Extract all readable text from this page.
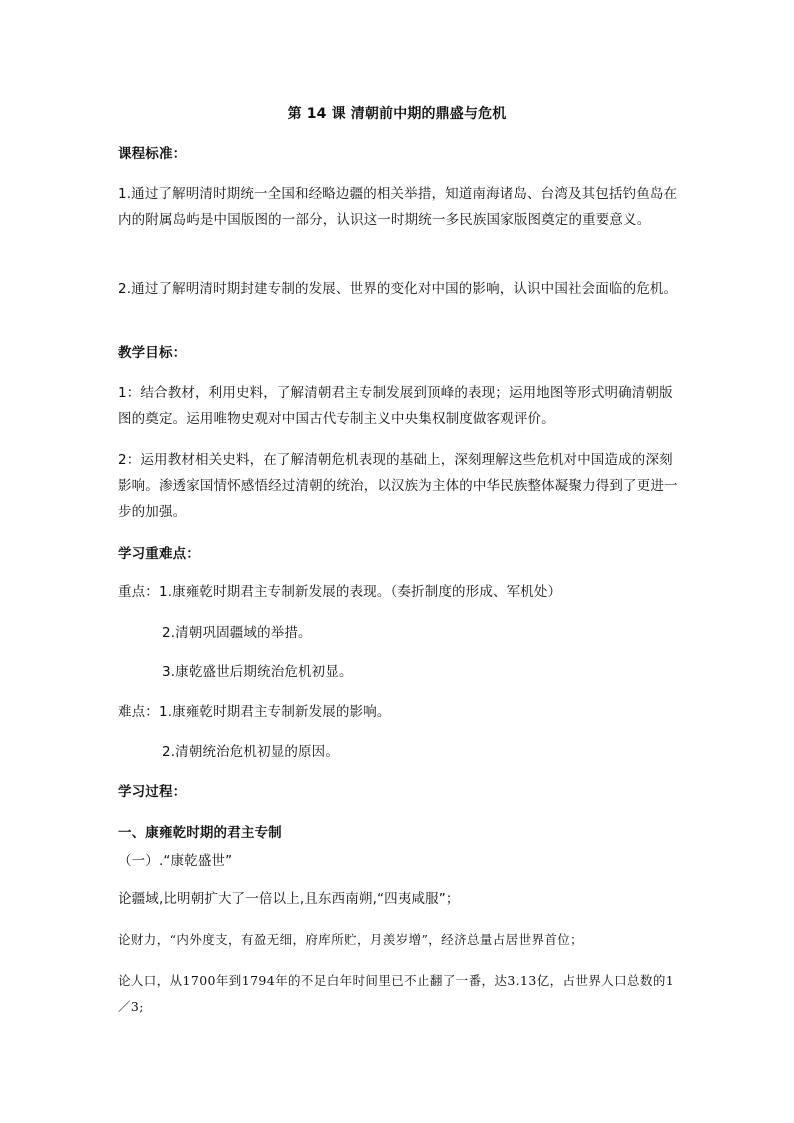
第 14 课 清朝前中期的鼎盛与危机
课程标准：
1.通过了解明清时期统一全国和经略边疆的相关举措，知道南海诸岛、台湾及其包括钓鱼岛在内的附属岛屿是中国版图的一部分，认识这一时期统一多民族国家版图奠定的重要意义。
2.通过了解明清时期封建专制的发展、世界的变化对中国的影响，认识中国社会面临的危机。
教学目标：
1：结合教材，利用史料，了解清朝君主专制发展到顶峰的表现；运用地图等形式明确清朝版图的奠定。运用唯物史观对中国古代专制主义中央集权制度做客观评价。
2：运用教材相关史料，在了解清朝危机表现的基础上，深刻理解这些危机对中国造成的深刻影响。渗透家国情怀感悟经过清朝的统治，以汉族为主体的中华民族整体凝聚力得到了更进一步的加强。
学习重难点：
重点：1.康雍乾时期君主专制新发展的表现。（奏折制度的形成、军机处）
2.清朝巩固疆域的举措。
3.康乾盛世后期统治危机初显。
难点：1.康雍乾时期君主专制新发展的影响。
2.清朝统治危机初显的原因。
学习过程：
一、康雍乾时期的君主专制
（一）.“康乾盛世”
论疆域,比明朝扩大了一倍以上,且东西南朔,“四夷咸服”；
论财力，“内外度支，有盈无细，府库所贮，月羡岁增”，经济总量占居世界首位；
论人口，从1700年到1794年的不足白年时间里已不止翻了一番，达3.13亿，占世界人口总数的1／3;
